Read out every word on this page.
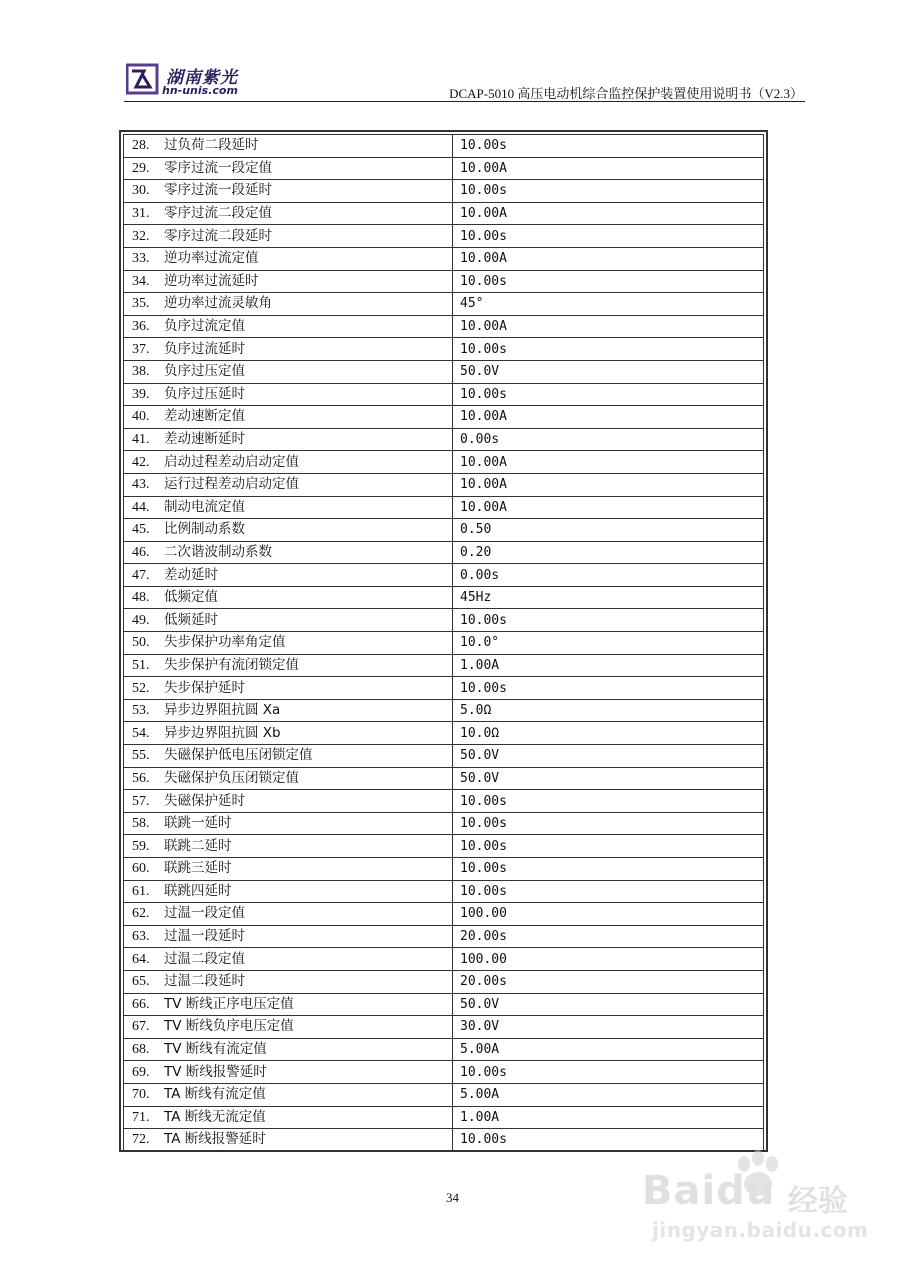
湖南紫光
hn-unis.com	DCAP-5010 高压电动机综合监控保护装置使用说明书（V2.3）
28. 过负荷二段延时	10.00s
29. 零序过流一段定值	10.00A
30. 零序过流一段延时	10.00s
31. 零序过流二段定值	10.00A
32. 零序过流二段延时	10.00s
33. 逆功率过流定值	10.00A
34. 逆功率过流延时	10.00s
35. 逆功率过流灵敏角	45°
36. 负序过流定值	10.00A
37. 负序过流延时	10.00s
38. 负序过压定值	50.0V
39. 负序过压延时	10.00s
40. 差动速断定值	10.00A
41. 差动速断延时	0.00s
42. 启动过程差动启动定值	10.00A
43. 运行过程差动启动定值	10.00A
44. 制动电流定值	10.00A
45. 比例制动系数	0.50
46. 二次谐波制动系数	0.20
47. 差动延时	0.00s
48. 低频定值	45Hz
49. 低频延时	10.00s
50. 失步保护功率角定值	10.0°
51. 失步保护有流闭锁定值	1.00A
52. 失步保护延时	10.00s
53. 异步边界阻抗圆 Xa	5.0Ω
54. 异步边界阻抗圆 Xb	10.0Ω
55. 失磁保护低电压闭锁定值	50.0V
56. 失磁保护负压闭锁定值	50.0V
57. 失磁保护延时	10.00s
58. 联跳一延时	10.00s
59. 联跳二延时	10.00s
60. 联跳三延时	10.00s
61. 联跳四延时	10.00s
62. 过温一段定值	100.00
63. 过温一段延时	20.00s
64. 过温二段定值	100.00
65. 过温二段延时	20.00s
66. TV 断线正序电压定值	50.0V
67. TV 断线负序电压定值	30.0V
68. TV 断线有流定值	5.00A
69. TV 断线报警延时	10.00s
70. TA 断线有流定值	5.00A
71. TA 断线无流定值	1.00A
72. TA 断线报警延时	10.00s
34	Baidu 经验
jingyan.baidu.com
